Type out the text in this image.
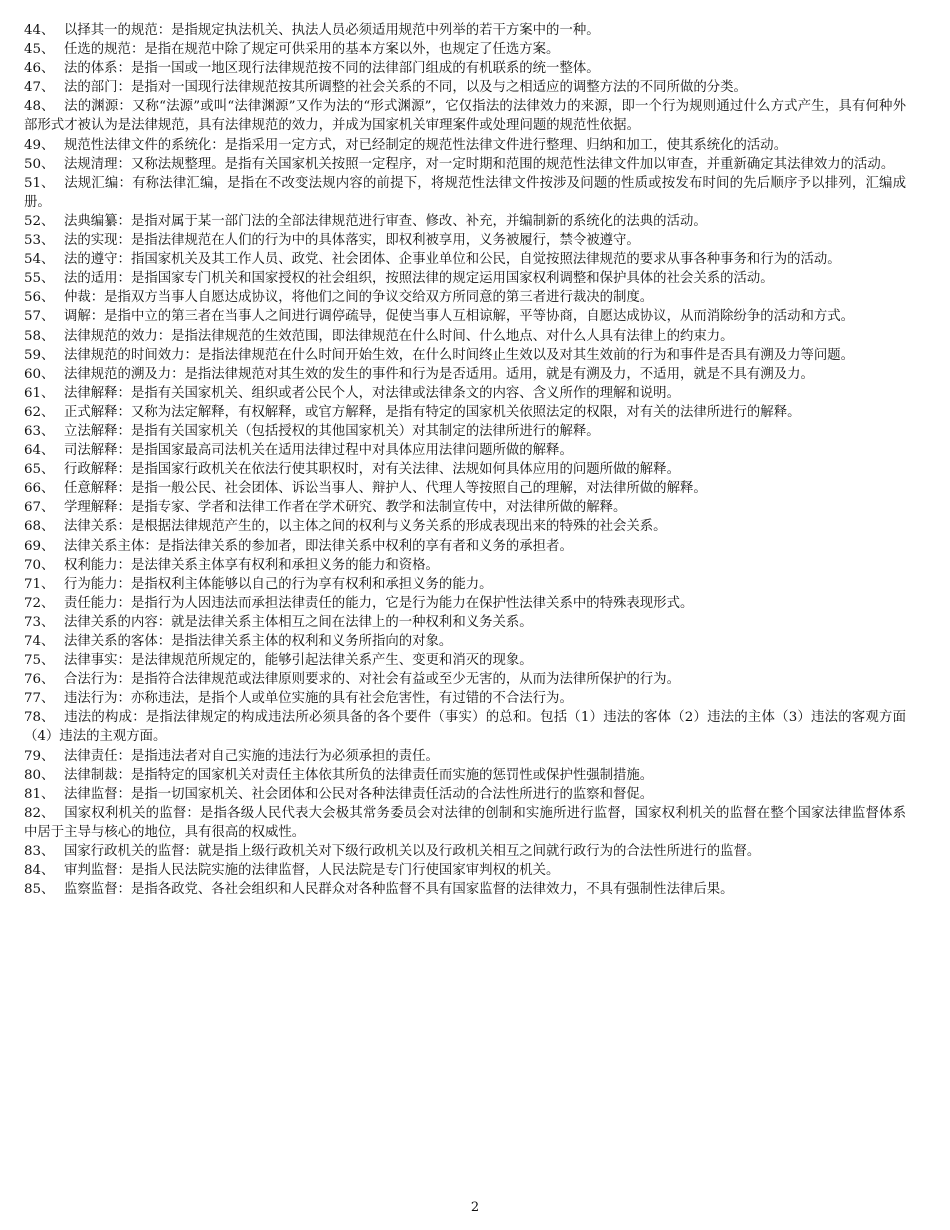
44、 以择其一的规范：是指规定执法机关、执法人员必须适用规范中列举的若干方案中的一种。

45、 任选的规范：是指在规范中除了规定可供采用的基本方案以外，也规定了任选方案。

46、 法的体系：是指一国或一地区现行法律规范按不同的法律部门组成的有机联系的统一整体。

47、 法的部门：是指对一国现行法律规范按其所调整的社会关系的不同，以及与之相适应的调整方法的不同所做的分类。

48、 法的渊源：又称“法源”或叫“法律渊源”又作为法的“形式渊源”，它仅指法的法律效力的来源，即一个行为规则通过什么方式产生，具有何种外部形式才被认为是法律规范，具有法律规范的效力，并成为国家机关审理案件或处理问题的规范性依据。

49、 规范性法律文件的系统化：是指采用一定方式，对已经制定的规范性法律文件进行整理、归纳和加工，使其系统化的活动。

50、 法规清理：又称法规整理。是指有关国家机关按照一定程序，对一定时期和范围的规范性法律文件加以审查，并重新确定其法律效力的活动。

51、 法规汇编：有称法律汇编，是指在不改变法规内容的前提下，将规范性法律文件按涉及问题的性质或按发布时间的先后顺序予以排列，汇编成册。

52、 法典编纂：是指对属于某一部门法的全部法律规范进行审查、修改、补充，并编制新的系统化的法典的活动。

53、 法的实现：是指法律规范在人们的行为中的具体落实，即权利被享用，义务被履行，禁令被遵守。

54、 法的遵守：指国家机关及其工作人员、政党、社会团体、企事业单位和公民，自觉按照法律规范的要求从事各种事务和行为的活动。

55、 法的适用：是指国家专门机关和国家授权的社会组织，按照法律的规定运用国家权利调整和保护具体的社会关系的活动。

56、 仲裁：是指双方当事人自愿达成协议，将他们之间的争议交给双方所同意的第三者进行裁决的制度。

57、 调解：是指中立的第三者在当事人之间进行调停疏导，促使当事人互相谅解，平等协商，自愿达成协议，从而消除纷争的活动和方式。

58、 法律规范的效力：是指法律规范的生效范围，即法律规范在什么时间、什么地点、对什么人具有法律上的约束力。

59、 法律规范的时间效力：是指法律规范在什么时间开始生效，在什么时间终止生效以及对其生效前的行为和事件是否具有溯及力等问题。

60、 法律规范的溯及力：是指法律规范对其生效的发生的事件和行为是否适用。适用，就是有溯及力，不适用，就是不具有溯及力。

61、 法律解释：是指有关国家机关、组织或者公民个人，对法律或法律条文的内容、含义所作的理解和说明。

62、 正式解释：又称为法定解释，有权解释，或官方解释，是指有特定的国家机关依照法定的权限，对有关的法律所进行的解释。

63、 立法解释：是指有关国家机关（包括授权的其他国家机关）对其制定的法律所进行的解释。

64、 司法解释：是指国家最高司法机关在适用法律过程中对具体应用法律问题所做的解释。

65、 行政解释：是指国家行政机关在依法行使其职权时，对有关法律、法规如何具体应用的问题所做的解释。

66、 任意解释：是指一般公民、社会团体、诉讼当事人、辩护人、代理人等按照自己的理解，对法律所做的解释。

67、 学理解释：是指专家、学者和法律工作者在学术研究、教学和法制宣传中，对法律所做的解释。

68、 法律关系：是根据法律规范产生的，以主体之间的权利与义务关系的形成表现出来的特殊的社会关系。

69、 法律关系主体：是指法律关系的参加者，即法律关系中权利的享有者和义务的承担者。

70、 权利能力：是法律关系主体享有权利和承担义务的能力和资格。

71、 行为能力：是指权利主体能够以自己的行为享有权利和承担义务的能力。

72、 责任能力：是指行为人因违法而承担法律责任的能力，它是行为能力在保护性法律关系中的特殊表现形式。

73、 法律关系的内容：就是法律关系主体相互之间在法律上的一种权利和义务关系。

74、 法律关系的客体：是指法律关系主体的权利和义务所指向的对象。

75、 法律事实：是法律规范所规定的，能够引起法律关系产生、变更和消灭的现象。

76、 合法行为：是指符合法律规范或法律原则要求的、对社会有益或至少无害的，从而为法律所保护的行为。

77、 违法行为：亦称违法，是指个人或单位实施的具有社会危害性，有过错的不合法行为。

78、 违法的构成：是指法律规定的构成违法所必须具备的各个要件（事实）的总和。包括（1）违法的客体（2）违法的主体（3）违法的客观方面（4）违法的主观方面。

79、 法律责任：是指违法者对自己实施的违法行为必须承担的责任。

80、 法律制裁：是指特定的国家机关对责任主体依其所负的法律责任而实施的惩罚性或保护性强制措施。

81、 法律监督：是指一切国家机关、社会团体和公民对各种法律责任活动的合法性所进行的监察和督促。

82、 国家权利机关的监督：是指各级人民代表大会极其常务委员会对法律的创制和实施所进行监督，国家权利机关的监督在整个国家法律监督体系中居于主导与核心的地位，具有很高的权威性。

83、 国家行政机关的监督：就是指上级行政机关对下级行政机关以及行政机关相互之间就行政行为的合法性所进行的监督。

84、 审判监督：是指人民法院实施的法律监督，人民法院是专门行使国家审判权的机关。

85、 监察监督：是指各政党、各社会组织和人民群众对各种监督不具有国家监督的法律效力，不具有强制性法律后果。

2
